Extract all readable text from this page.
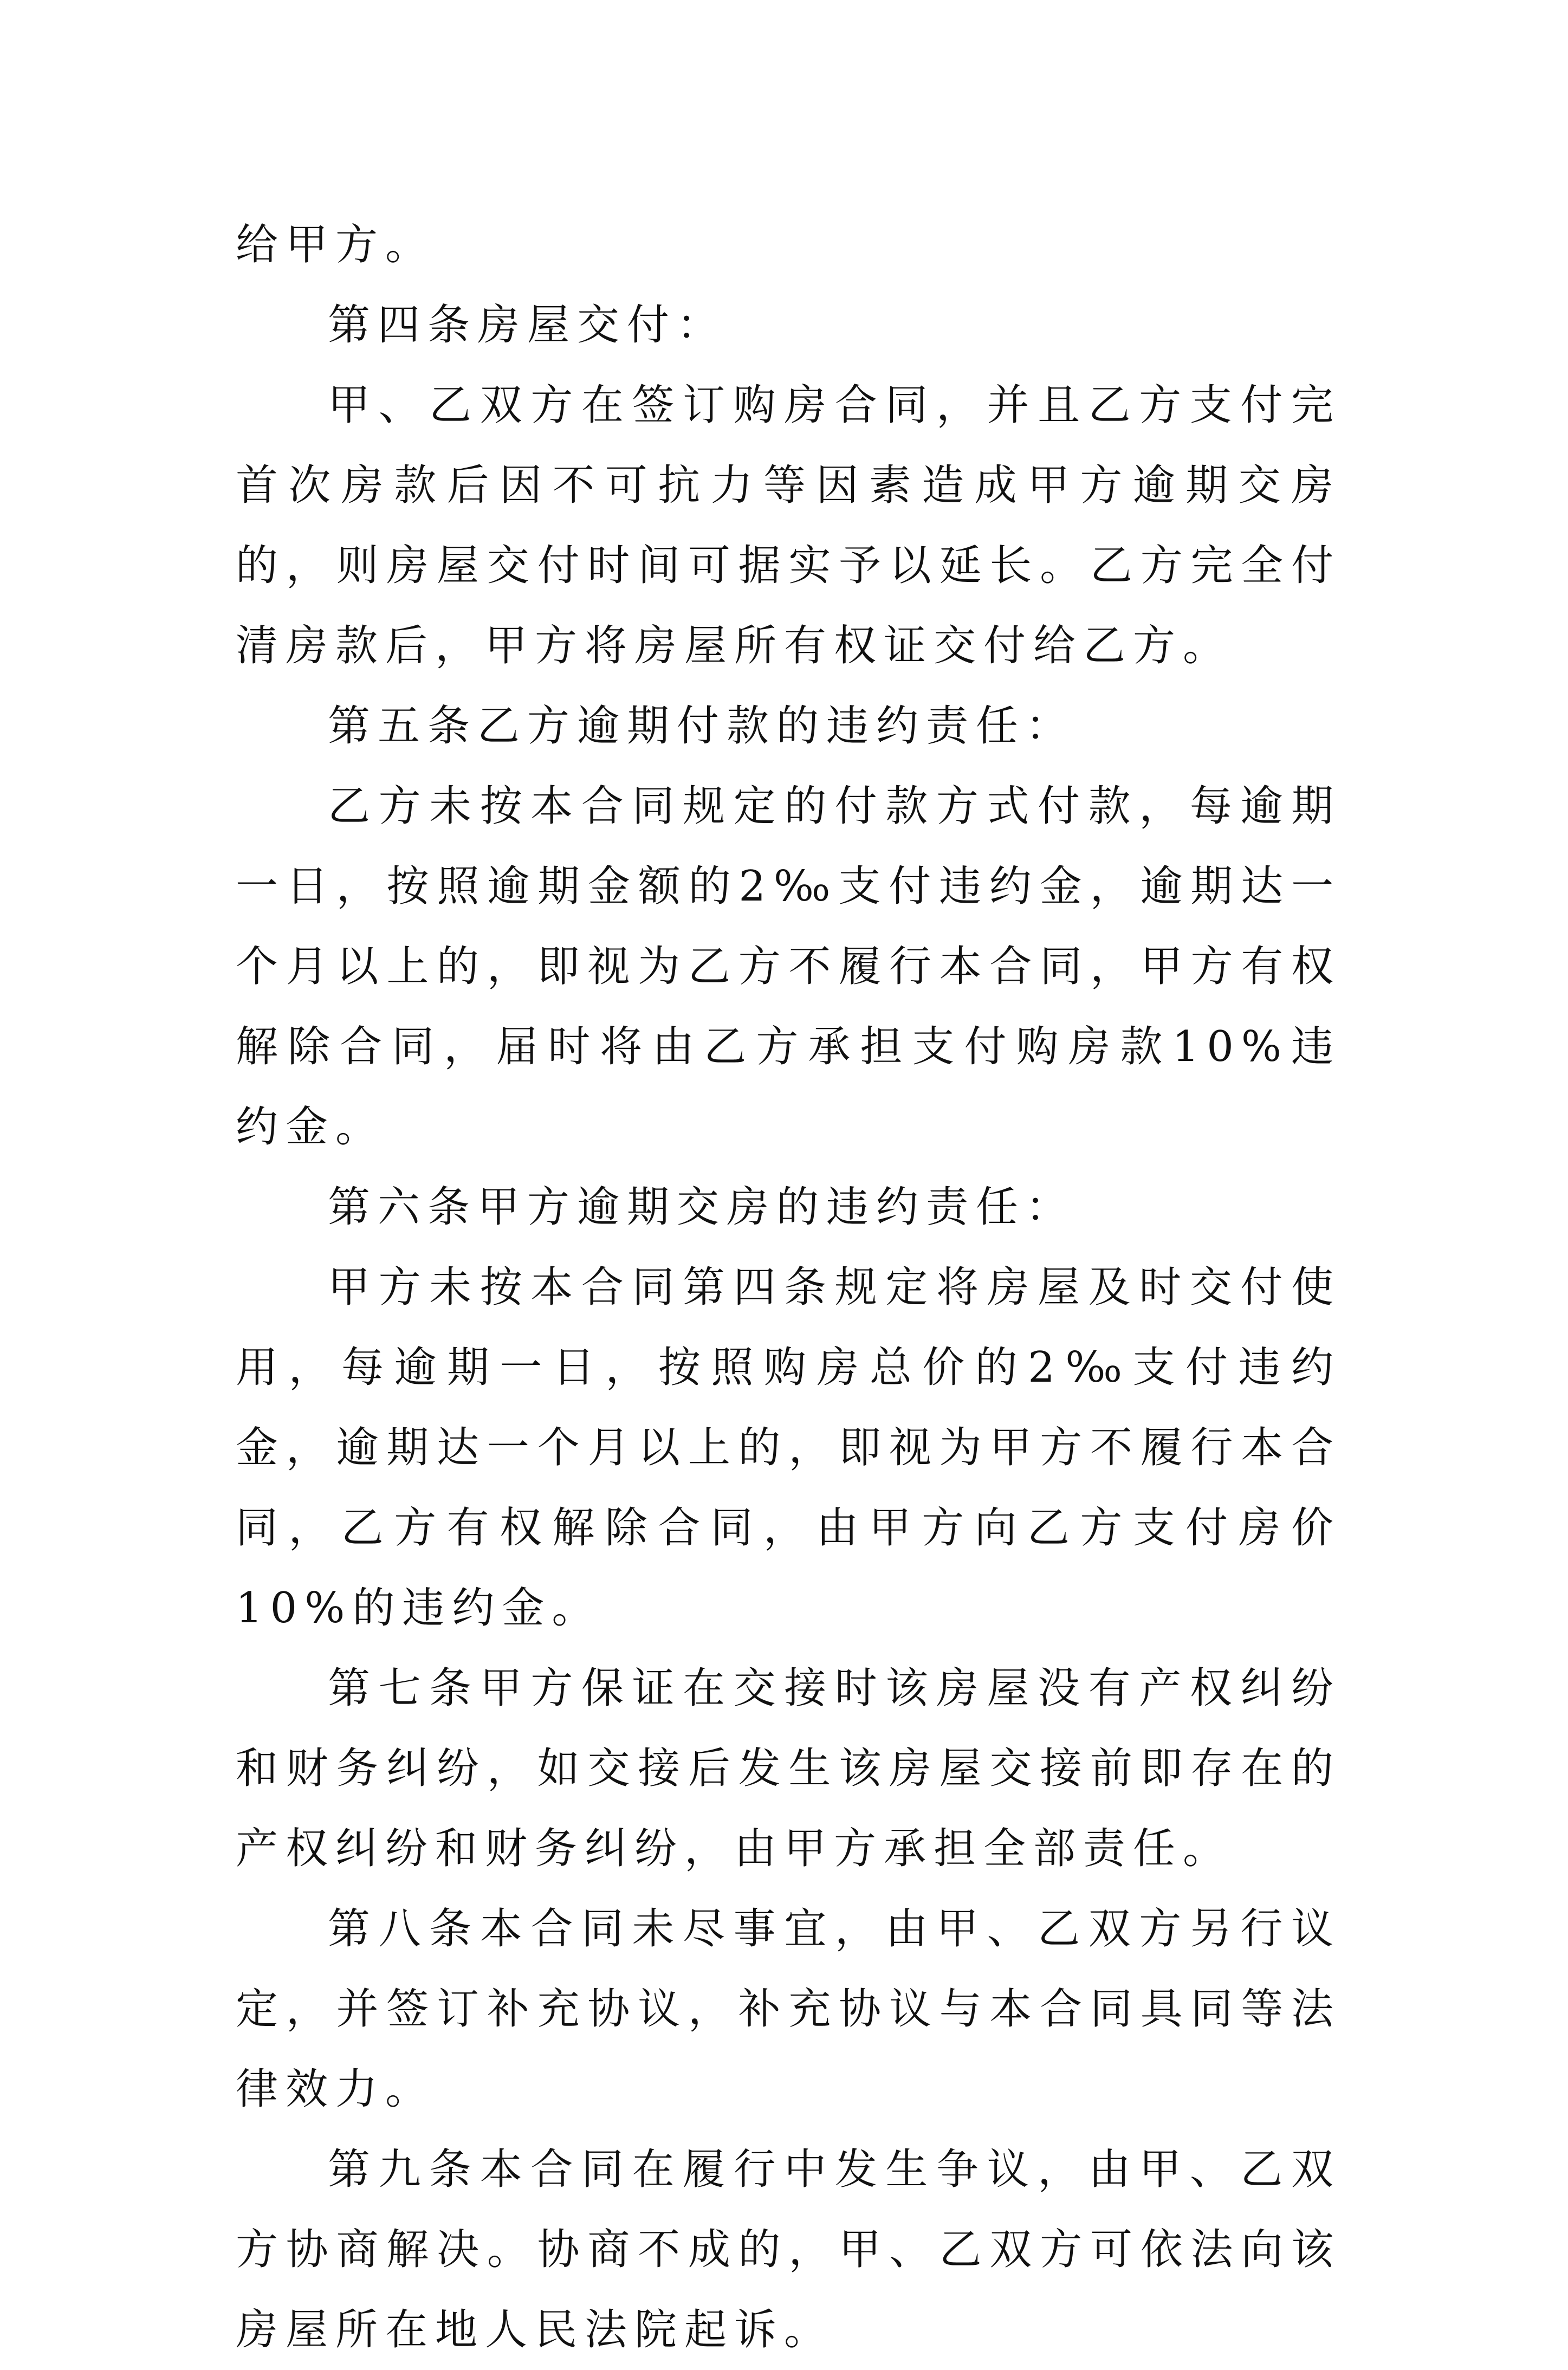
给甲方。

第四条房屋交付：

甲、乙双方在签订购房合同，并且乙方支付完首次房款后因不可抗力等因素造成甲方逾期交房的，则房屋交付时间可据实予以延长。乙方完全付清房款后，甲方将房屋所有权证交付给乙方。

第五条乙方逾期付款的违约责任：

乙方未按本合同规定的付款方式付款，每逾期一日，按照逾期金额的2‰支付违约金，逾期达一个月以上的，即视为乙方不履行本合同，甲方有权解除合同，届时将由乙方承担支付购房款10%违约金。

第六条甲方逾期交房的违约责任：

甲方未按本合同第四条规定将房屋及时交付使用，每逾期一日，按照购房总价的2‰支付违约金，逾期达一个月以上的，即视为甲方不履行本合同，乙方有权解除合同，由甲方向乙方支付房价10%的违约金。

第七条甲方保证在交接时该房屋没有产权纠纷和财务纠纷，如交接后发生该房屋交接前即存在的产权纠纷和财务纠纷，由甲方承担全部责任。

第八条本合同未尽事宜，由甲、乙双方另行议定，并签订补充协议，补充协议与本合同具同等法律效力。

第九条本合同在履行中发生争议，由甲、乙双方协商解决。协商不成的，甲、乙双方可依法向该房屋所在地人民法院起诉。
